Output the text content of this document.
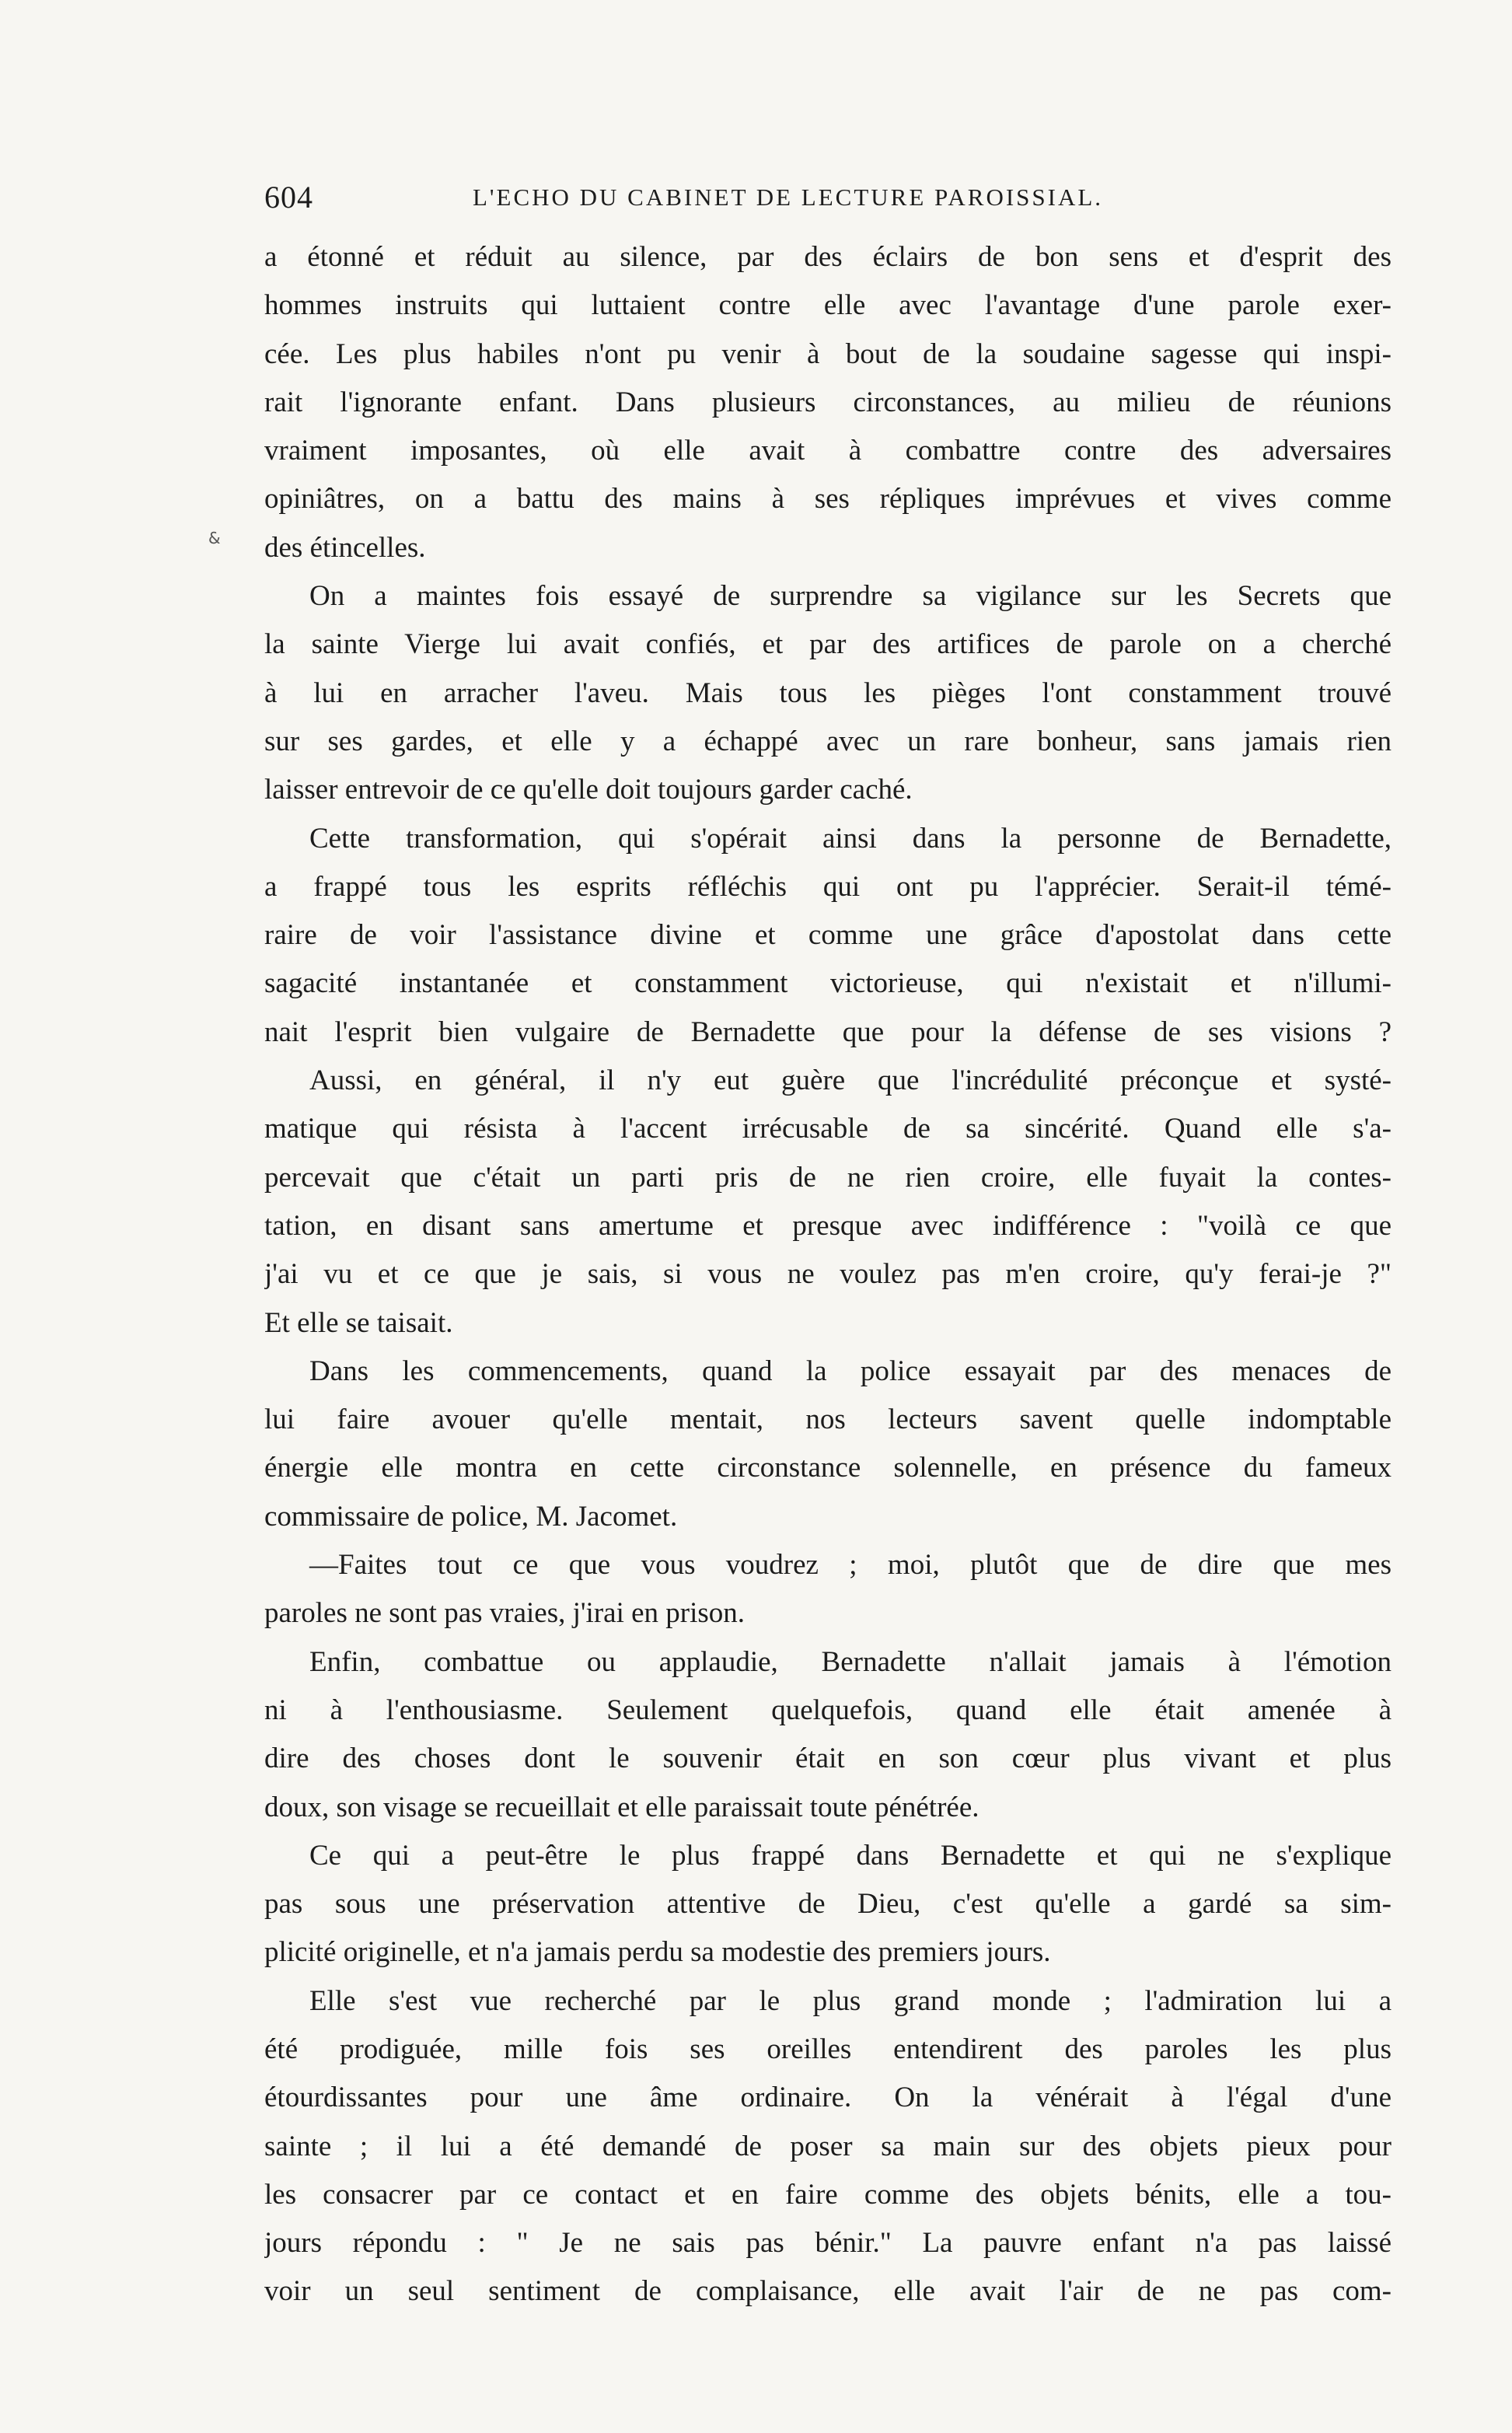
604	L'ECHO DU CABINET DE LECTURE PAROISSIAL.
&
a étonné et réduit au silence, par des éclairs de bon sens et d'esprit des
hommes instruits qui luttaient contre elle avec l'avantage d'une parole exer-
cée. Les plus habiles n'ont pu venir à bout de la soudaine sagesse qui inspi-
rait l'ignorante enfant. Dans plusieurs circonstances, au milieu de réunions
vraiment imposantes, où elle avait à combattre contre des adversaires
opiniâtres, on a battu des mains à ses répliques imprévues et vives comme
des étincelles.
On a maintes fois essayé de surprendre sa vigilance sur les Secrets que
la sainte Vierge lui avait confiés, et par des artifices de parole on a cherché
à lui en arracher l'aveu. Mais tous les pièges l'ont constamment trouvé
sur ses gardes, et elle y a échappé avec un rare bonheur, sans jamais rien
laisser entrevoir de ce qu'elle doit toujours garder caché.
Cette transformation, qui s'opérait ainsi dans la personne de Bernadette,
a frappé tous les esprits réfléchis qui ont pu l'apprécier. Serait-il témé-
raire de voir l'assistance divine et comme une grâce d'apostolat dans cette
sagacité instantanée et constamment victorieuse, qui n'existait et n'illumi-
nait l'esprit bien vulgaire de Bernadette que pour la défense de ses visions ?
Aussi, en général, il n'y eut guère que l'incrédulité préconçue et systé-
matique qui résista à l'accent irrécusable de sa sincérité. Quand elle s'a-
percevait que c'était un parti pris de ne rien croire, elle fuyait la contes-
tation, en disant sans amertume et presque avec indifférence : "voilà ce que
j'ai vu et ce que je sais, si vous ne voulez pas m'en croire, qu'y ferai-je ?"
Et elle se taisait.
Dans les commencements, quand la police essayait par des menaces de
lui faire avouer qu'elle mentait, nos lecteurs savent quelle indomptable
énergie elle montra en cette circonstance solennelle, en présence du fameux
commissaire de police, M. Jacomet.
—Faites tout ce que vous voudrez ; moi, plutôt que de dire que mes
paroles ne sont pas vraies, j'irai en prison.
Enfin, combattue ou applaudie, Bernadette n'allait jamais à l'émotion
ni à l'enthousiasme. Seulement quelquefois, quand elle était amenée à
dire des choses dont le souvenir était en son cœur plus vivant et plus
doux, son visage se recueillait et elle paraissait toute pénétrée.
Ce qui a peut-être le plus frappé dans Bernadette et qui ne s'explique
pas sous une préservation attentive de Dieu, c'est qu'elle a gardé sa sim-
plicité originelle, et n'a jamais perdu sa modestie des premiers jours.
Elle s'est vue recherché par le plus grand monde ; l'admiration lui a
été prodiguée, mille fois ses oreilles entendirent des paroles les plus
étourdissantes pour une âme ordinaire. On la vénérait à l'égal d'une
sainte ; il lui a été demandé de poser sa main sur des objets pieux pour
les consacrer par ce contact et en faire comme des objets bénits, elle a tou-
jours répondu : " Je ne sais pas bénir." La pauvre enfant n'a pas laissé
voir un seul sentiment de complaisance, elle avait l'air de ne pas com-
